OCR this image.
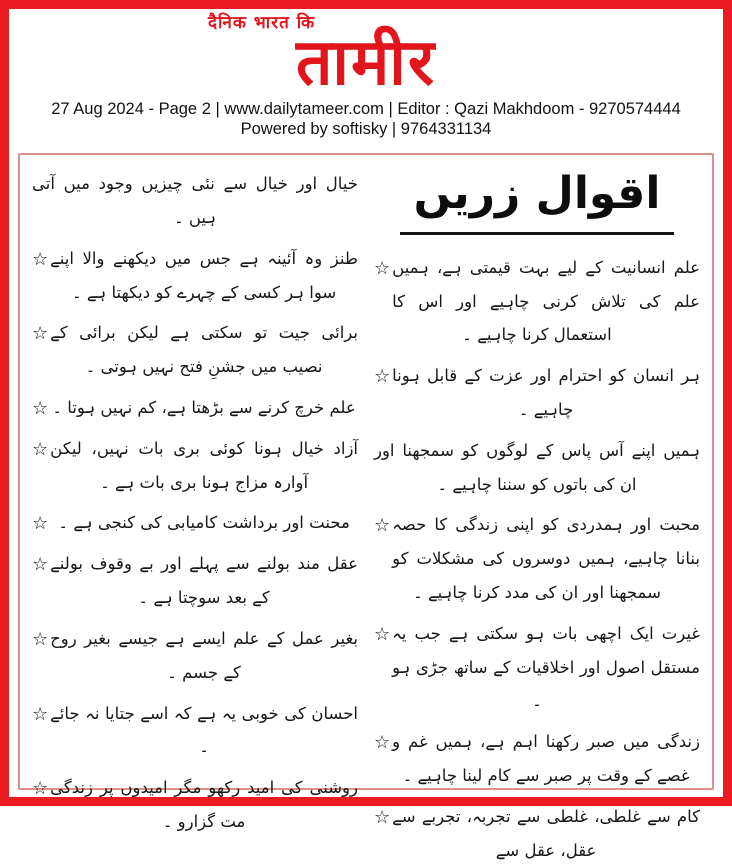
दैनिक भारत कि
तामीर
27 Aug 2024 - Page 2 | www.dailytameer.com | Editor : Qazi Makhdoom - 9270574444
Powered by softisky | 9764331134

خیال اور خیال سے نئی چیزیں وجود میں آتی ہیں ۔

☆ طنز وہ آئینہ ہے جس میں دیکھنے والا اپنے سوا ہر کسی کے چہرے کو دیکھتا ہے ۔

☆ برائی جیت تو سکتی ہے لیکن برائی کے نصیب میں جشنِ فتح نہیں ہوتی ۔

☆ علم خرچ کرنے سے بڑھتا ہے، کم نہیں ہوتا ۔

☆ آزاد خیال ہونا کوئی بری بات نہیں، لیکن آوارہ مزاج ہونا بری بات ہے ۔

☆ محنت اور برداشت کامیابی کی کنجی ہے ۔

☆ عقل مند بولنے سے پہلے اور بے وقوف بولنے کے بعد سوچتا ہے ۔

☆ بغیر عمل کے علم ایسے ہے جیسے بغیر روح کے جسم ۔

☆ احسان کی خوبی یہ ہے کہ اسے جتایا نہ جائے ۔

☆ روشنی کی امید رکھو مگر امیدوں پر زندگی مت گزارو ۔

اقوال زریں

☆ علم انسانیت کے لیے بہت قیمتی ہے، ہمیں علم کی تلاش کرنی چاہیے اور اس کا استعمال کرنا چاہیے ۔

☆ ہر انسان کو احترام اور عزت کے قابل ہونا چاہیے ۔

ہمیں اپنے آس پاس کے لوگوں کو سمجھنا اور ان کی باتوں کو سننا چاہیے ۔

☆ محبت اور ہمدردی کو اپنی زندگی کا حصہ بنانا چاہیے، ہمیں دوسروں کی مشکلات کو سمجھنا اور ان کی مدد کرنا چاہیے ۔

☆ غیرت ایک اچھی بات ہو سکتی ہے جب یہ مستقل اصول اور اخلاقیات کے ساتھ جڑی ہو ۔

☆ زندگی میں صبر رکھنا اہم ہے، ہمیں غم و غصے کے وقت پر صبر سے کام لینا چاہیے ۔

☆ کام سے غلطی، غلطی سے تجربہ، تجربے سے عقل، عقل سے
